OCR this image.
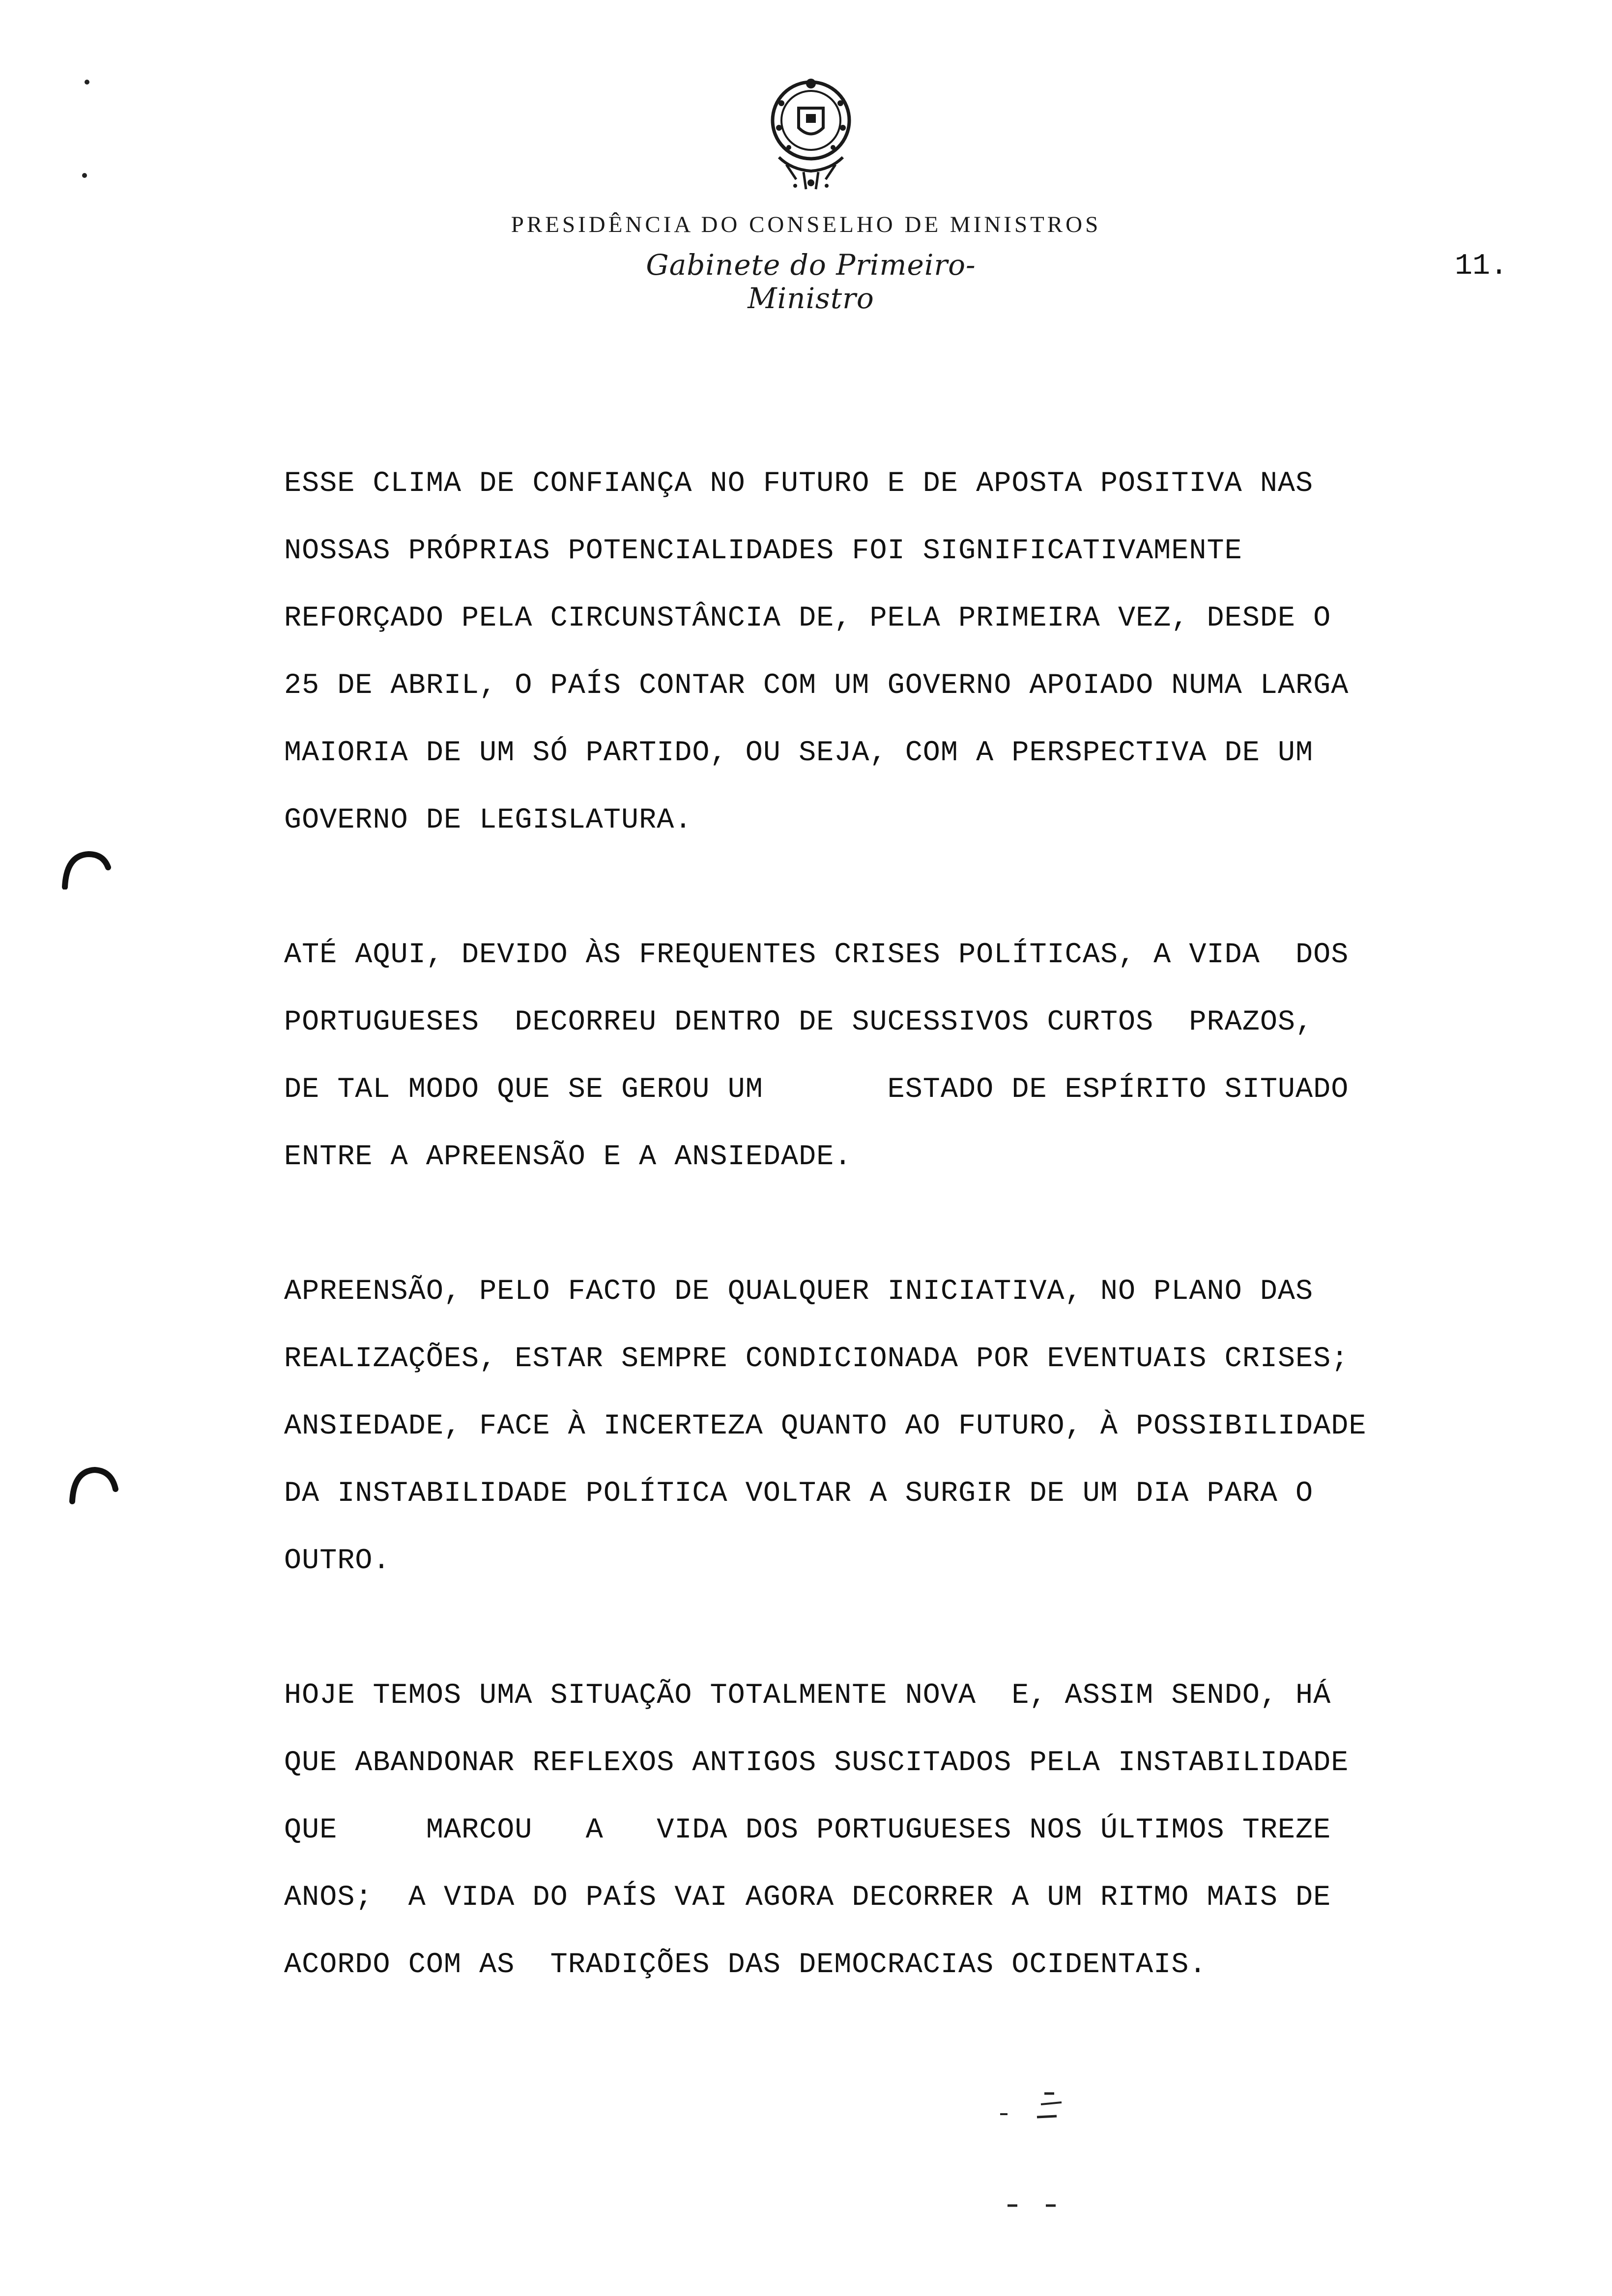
PRESIDÊNCIA DO CONSELHO DE MINISTROS
Gabinete do Primeiro-Ministro
11.
ESSE CLIMA DE CONFIANÇA NO FUTURO E DE APOSTA POSITIVA NAS
NOSSAS PRÓPRIAS POTENCIALIDADES FOI SIGNIFICATIVAMENTE
REFORÇADO PELA CIRCUNSTÂNCIA DE, PELA PRIMEIRA VEZ, DESDE O
25 DE ABRIL, O PAÍS CONTAR COM UM GOVERNO APOIADO NUMA LARGA
MAIORIA DE UM SÓ PARTIDO, OU SEJA, COM A PERSPECTIVA DE UM
GOVERNO DE LEGISLATURA.
ATÉ AQUI, DEVIDO ÀS FREQUENTES CRISES POLÍTICAS, A VIDA  DOS
PORTUGUESES  DECORREU DENTRO DE SUCESSIVOS CURTOS  PRAZOS,
DE TAL MODO QUE SE GEROU UM       ESTADO DE ESPÍRITO SITUADO
ENTRE A APREENSÃO E A ANSIEDADE.
APREENSÃO, PELO FACTO DE QUALQUER INICIATIVA, NO PLANO DAS
REALIZAÇÕES, ESTAR SEMPRE CONDICIONADA POR EVENTUAIS CRISES;
ANSIEDADE, FACE À INCERTEZA QUANTO AO FUTURO, À POSSIBILIDADE
DA INSTABILIDADE POLÍTICA VOLTAR A SURGIR DE UM DIA PARA O
OUTRO.
HOJE TEMOS UMA SITUAÇÃO TOTALMENTE NOVA  E, ASSIM SENDO, HÁ
QUE ABANDONAR REFLEXOS ANTIGOS SUSCITADOS PELA INSTABILIDADE
QUE     MARCOU   A   VIDA DOS PORTUGUESES NOS ÚLTIMOS TREZE
ANOS;  A VIDA DO PAÍS VAI AGORA DECORRER A UM RITMO MAIS DE
ACORDO COM AS  TRADIÇÕES DAS DEMOCRACIAS OCIDENTAIS.
